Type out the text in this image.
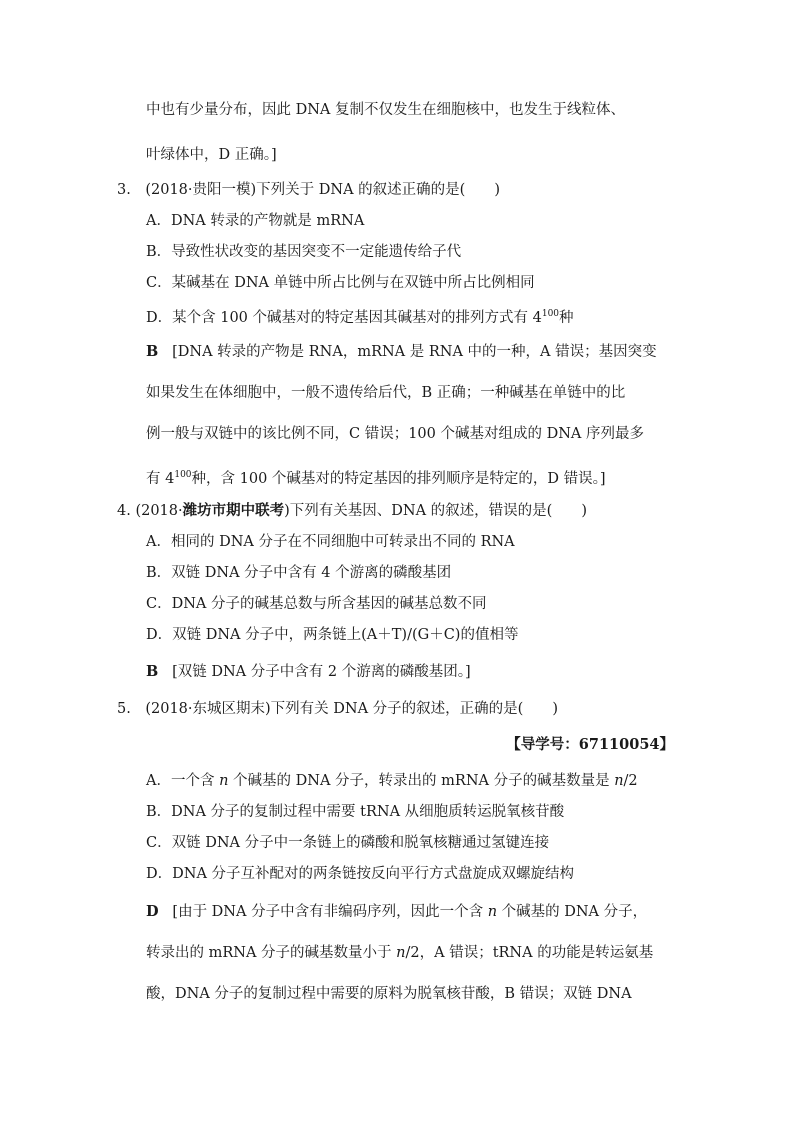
中也有少量分布，因此 DNA 复制不仅发生在细胞核中，也发生于线粒体、
叶绿体中，D 正确。]
3.　(2018·贵阳一模)下列关于 DNA 的叙述正确的是(　　)
A．DNA 转录的产物就是 mRNA
B．导致性状改变的基因突变不一定能遗传给子代
C．某碱基在 DNA 单链中所占比例与在双链中所占比例相同
D．某个含 100 个碱基对的特定基因其碱基对的排列方式有 $4^{100}$种
B [DNA 转录的产物是 RNA，mRNA 是 RNA 中的一种，A 错误；基因突变
如果发生在体细胞中，一般不遗传给后代，B 正确；一种碱基在单链中的比
例一般与双链中的该比例不同，C 错误；100 个碱基对组成的 DNA 序列最多
有 $4^{100}$种，含 100 个碱基对的特定基因的排列顺序是特定的，D 错误。]
4. (2018·潍坊市期中联考)下列有关基因、DNA 的叙述，错误的是(　　)
A．相同的 DNA 分子在不同细胞中可转录出不同的 RNA
B．双链 DNA 分子中含有 4 个游离的磷酸基团
C．DNA 分子的碱基总数与所含基因的碱基总数不同
D．双链 DNA 分子中，两条链上(A＋T)/(G＋C)的值相等
B [双链 DNA 分子中含有 2 个游离的磷酸基团。]
5.　(2018·东城区期末)下列有关 DNA 分子的叙述，正确的是(　　)
【导学号：67110054】
A．一个含 n 个碱基的 DNA 分子，转录出的 mRNA 分子的碱基数量是 n/2
B．DNA 分子的复制过程中需要 tRNA 从细胞质转运脱氧核苷酸
C．双链 DNA 分子中一条链上的磷酸和脱氧核糖通过氢键连接
D．DNA 分子互补配对的两条链按反向平行方式盘旋成双螺旋结构
D [由于 DNA 分子中含有非编码序列，因此一个含 n 个碱基的 DNA 分子，
转录出的 mRNA 分子的碱基数量小于 n/2，A 错误；tRNA 的功能是转运氨基
酸，DNA 分子的复制过程中需要的原料为脱氧核苷酸，B 错误；双链 DNA
